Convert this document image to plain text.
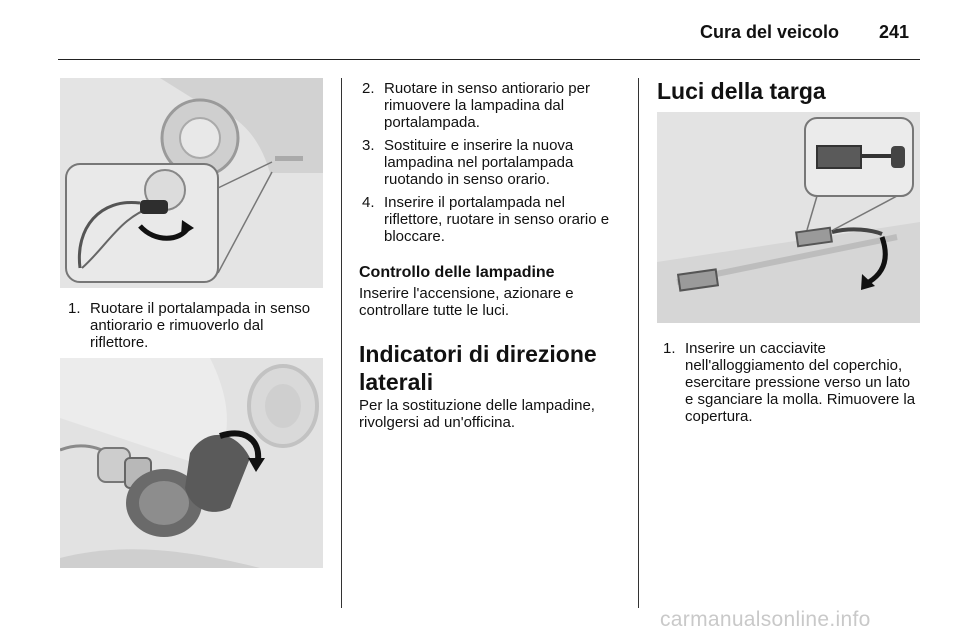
Cura del veicolo 241
1. Ruotare il portalampada in senso antiorario e rimuoverlo dal riflettore.
2. Ruotare in senso antiorario per rimuovere la lampadina dal portalampada.
3. Sostituire e inserire la nuova lampadina nel portalampada ruotando in senso orario.
4. Inserire il portalampada nel riflettore, ruotare in senso orario e bloccare.
Controllo delle lampadine
Inserire l'accensione, azionare e controllare tutte le luci.
Indicatori di direzione laterali
Per la sostituzione delle lampadine, rivolgersi ad un'officina.
Luci della targa
1. Inserire un cacciavite nell'alloggiamento del coperchio, esercitare pressione verso un lato e sganciare la molla. Rimuovere la copertura.
carmanualsonline.info
